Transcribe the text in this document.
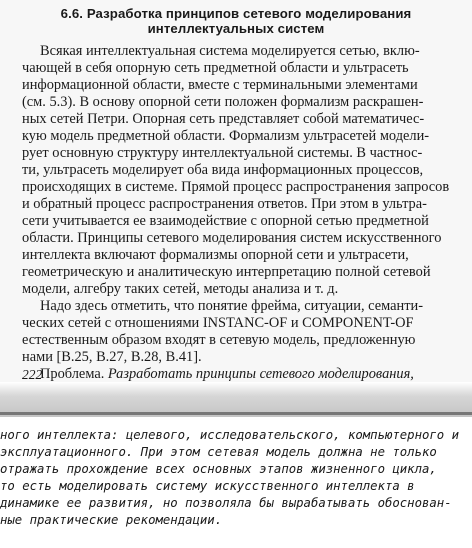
6.6. Разработка принципов сетевого моделирования
интеллектуальных систем
Всякая интеллектуальная система моделируется сетью, вклю-
чающей в себя опорную сеть предметной области и ультрасеть
информационной области, вместе с терминальными элементами
(см. 5.3). В основу опорной сети положен формализм раскрашен-
ных сетей Петри. Опорная сеть представляет собой математичес-
кую модель предметной области. Формализм ультрасетей модели-
рует основную структуру интеллектуальной системы. В частнос-
ти, ультрасеть моделирует оба вида информационных процессов,
происходящих в системе. Прямой процесс распространения запросов
и обратный процесс распространения ответов. При этом в ультра-
сети учитывается ее взаимодействие с опорной сетью предметной
области. Принципы сетевого моделирования систем искусственного
интеллекта включают формализмы опорной сети и ультрасети,
геометрическую и аналитическую интерпретацию полной сетевой
модели, алгебру таких сетей, методы анализа и т. д.
Надо здесь отметить, что понятие фрейма, ситуации, семанти-
ческих сетей с отношениями INSTANC-OF и COMPONENT-OF
естественным образом входят в сетевую модель, предложенную
нами [B.25, B.27, B.28, B.41].
Проблема. Разработать принципы сетевого моделирования,
222
ного интеллекта: целевого, исследовательского, компьютерного и
эксплуатационного. При этом сетевая модель должна не только
отражать прохождение всех основных этапов жизненного цикла,
то есть моделировать систему искусственного интеллекта в
динамике ее развития, но позволяла бы вырабатывать обоснован-
ные практические рекомендации.
